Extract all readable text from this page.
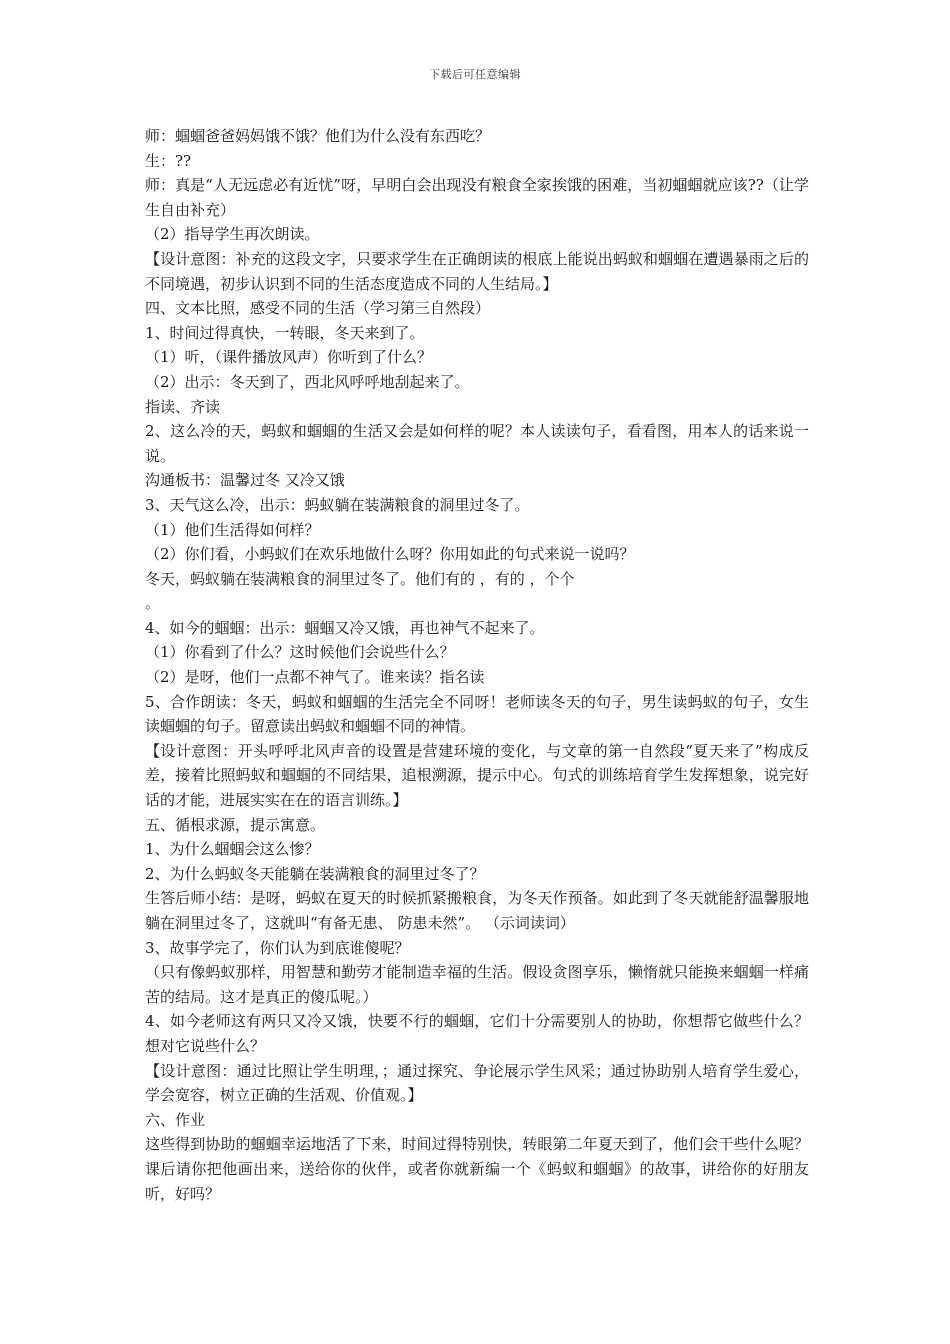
下载后可任意编辑

师：蝈蝈爸爸妈妈饿不饿？他们为什么没有东西吃？

生：??

师：真是“人无远虑必有近忧”呀，早明白会出现没有粮食全家挨饿的困难，当初蝈蝈就应该??（让学生自由补充）

（2）指导学生再次朗读。

【设计意图：补充的这段文字，只要求学生在正确朗读的根底上能说出蚂蚁和蝈蝈在遭遇暴雨之后的不同境遇，初步认识到不同的生活态度造成不同的人生结局。】

四、文本比照，感受不同的生活（学习第三自然段）

1、时间过得真快，一转眼，冬天来到了。

（1）听，（课件播放风声）你听到了什么？

（2）出示：冬天到了，西北风呼呼地刮起来了。

指读、齐读

2、这么冷的天，蚂蚁和蝈蝈的生活又会是如何样的呢？本人读读句子，看看图，用本人的话来说一说。

沟通板书：温馨过冬 又冷又饿

3、天气这么冷，出示：蚂蚁躺在装满粮食的洞里过冬了。

（1）他们生活得如何样？

（2）你们看，小蚂蚁们在欢乐地做什么呀？你用如此的句式来说一说吗？

冬天，蚂蚁躺在装满粮食的洞里过冬了。他们有的 ，有的 ，个个

。

4、如今的蝈蝈：出示：蝈蝈又冷又饿，再也神气不起来了。

（1）你看到了什么？这时候他们会说些什么？

（2）是呀，他们一点都不神气了。谁来读？指名读

5、合作朗读：冬天，蚂蚁和蝈蝈的生活完全不同呀！老师读冬天的句子，男生读蚂蚁的句子，女生读蝈蝈的句子。留意读出蚂蚁和蝈蝈不同的神情。

【设计意图：开头呼呼北风声音的设置是营建环境的变化，与文章的第一自然段“夏天来了”构成反差，接着比照蚂蚁和蝈蝈的不同结果，追根溯源，提示中心。句式的训练培育学生发挥想象，说完好话的才能，进展实实在在的语言训练。】

五、循根求源，提示寓意。

1、为什么蝈蝈会这么惨？

2、为什么蚂蚁冬天能躺在装满粮食的洞里过冬了？

生答后师小结：是呀，蚂蚁在夏天的时候抓紧搬粮食，为冬天作预备。如此到了冬天就能舒温馨服地躺在洞里过冬了，这就叫“有备无患、 防患未然”。 （示词读词）

3、故事学完了，你们认为到底谁傻呢？

（只有像蚂蚁那样，用智慧和勤劳才能制造幸福的生活。假设贪图享乐，懒惰就只能换来蝈蝈一样痛苦的结局。这才是真正的傻瓜呢。）

4、如今老师这有两只又冷又饿，快要不行的蝈蝈，它们十分需要别人的协助，你想帮它做些什么？想对它说些什么？

【设计意图：通过比照让学生明理，；通过探究、争论展示学生风采；通过协助别人培育学生爱心，学会宽容，树立正确的生活观、价值观。】

六、作业

这些得到协助的蝈蝈幸运地活了下来，时间过得特别快，转眼第二年夏天到了，他们会干些什么呢？课后请你把他画出来，送给你的伙伴，或者你就新编一个《蚂蚁和蝈蝈》的故事，讲给你的好朋友听，好吗？
